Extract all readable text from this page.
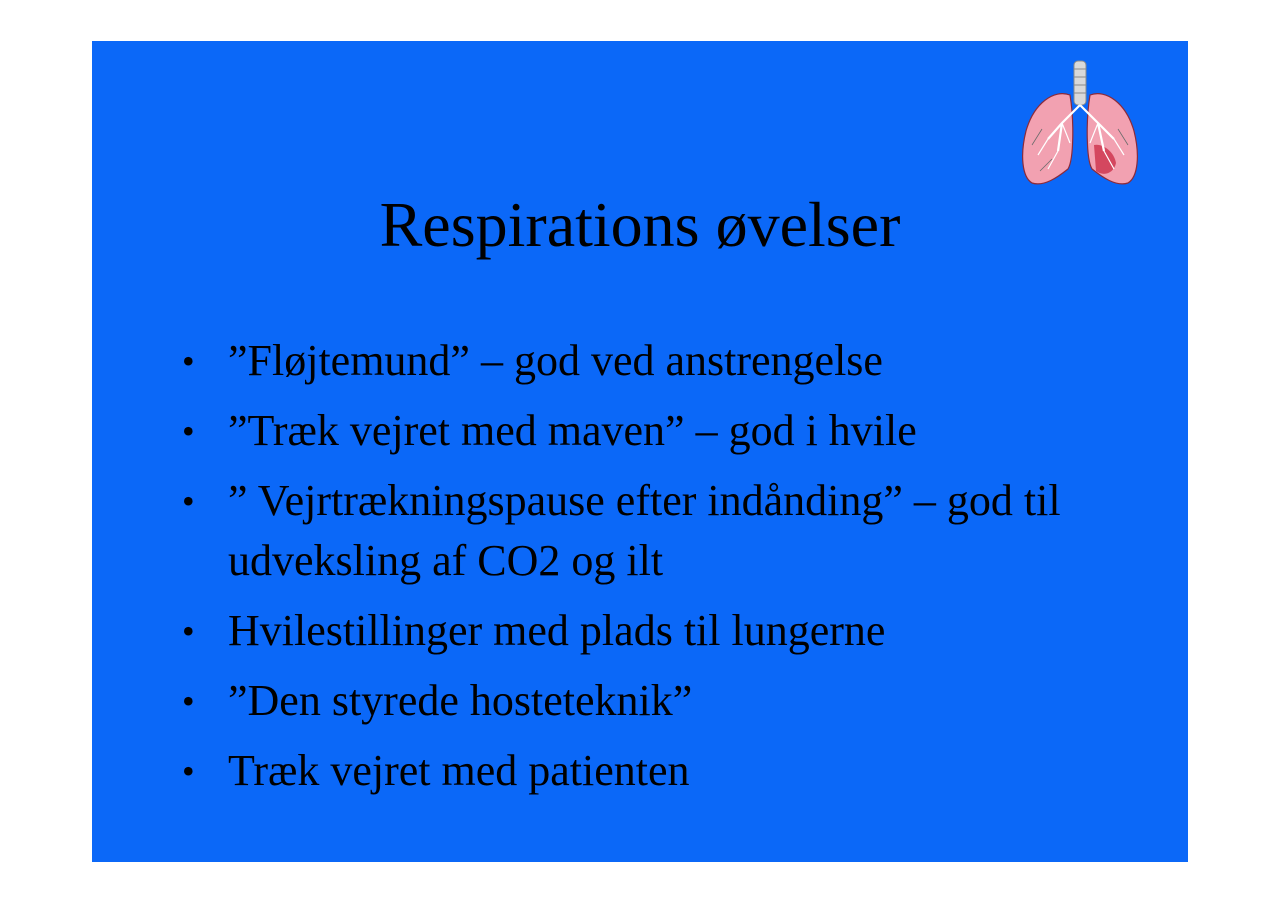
Respirations øvelser
• ”Fløjtemund” – god ved anstrengelse
• ”Træk vejret med maven” – god i hvile
• ” Vejrtrækningspause efter indånding” – god til udveksling af CO2 og ilt
• Hvilestillinger med plads til lungerne
• ”Den styrede hosteteknik”
• Træk vejret med patienten
